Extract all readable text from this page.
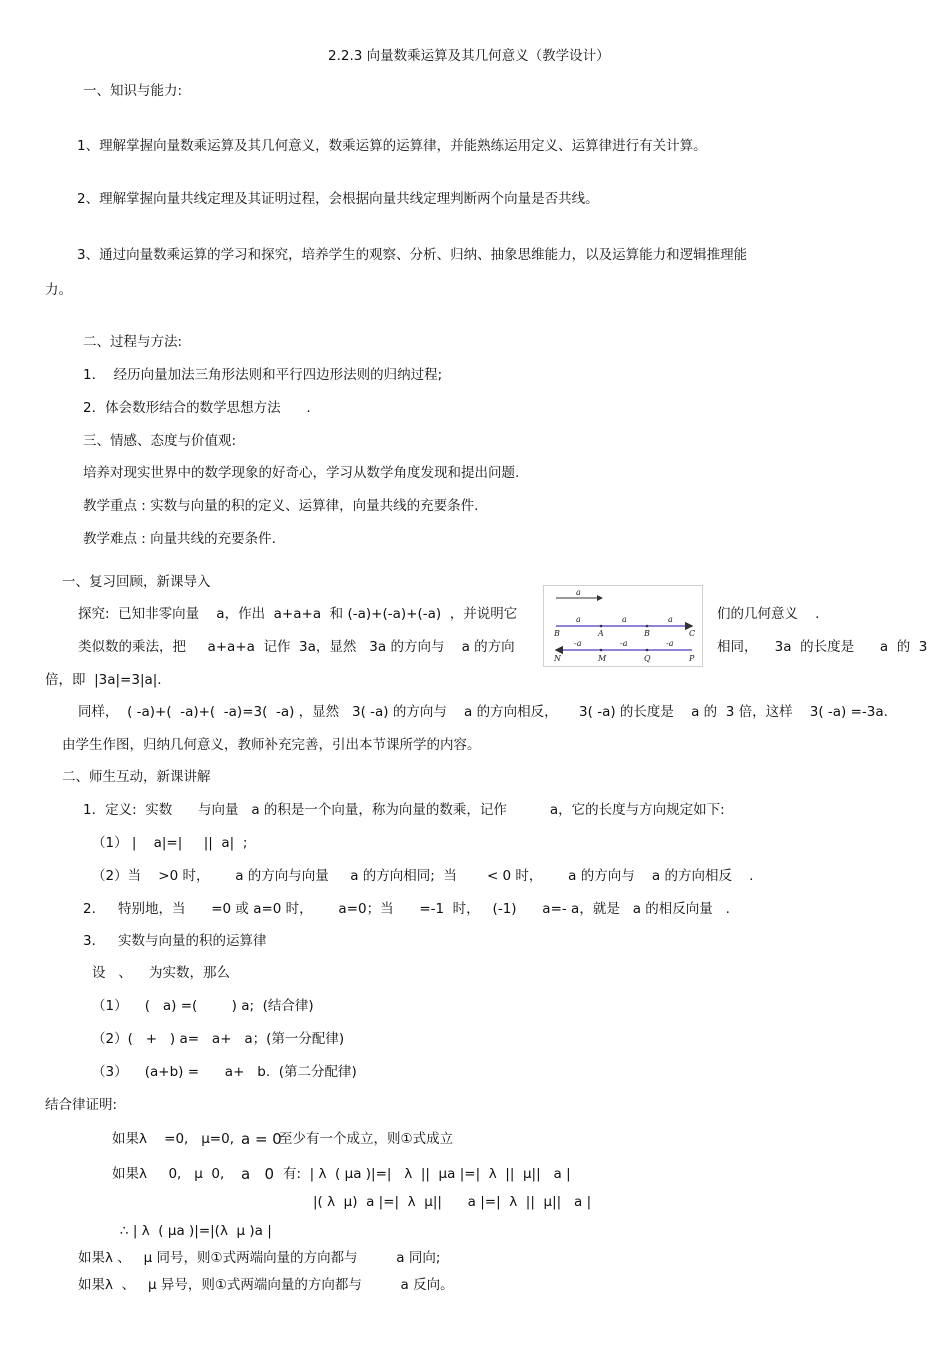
2.2.3 向量数乘运算及其几何意义（教学设计）
一、知识与能力:
1、理解掌握向量数乘运算及其几何意义，数乘运算的运算律，并能熟练运用定义、运算律进行有关计算。
2、理解掌握向量共线定理及其证明过程，会根据向量共线定理判断两个向量是否共线。
3、通过向量数乘运算的学习和探究，培养学生的观察、分析、归纳、抽象思维能力，以及运算能力和逻辑推理能
力。
二、过程与方法:
1．  经历向量加法三角形法则和平行四边形法则的归纳过程;
2．体会数形结合的数学思想方法      .
三、情感、态度与价值观:
培养对现实世界中的数学现象的好奇心，学习从数学角度发现和提出问题.
教学重点 : 实数与向量的积的定义、运算律，向量共线的充要条件.
教学难点 : 向量共线的充要条件.
一、复习回顾，新课导入
探究:  已知非零向量    a，作出  a+a+a  和 (-a)+(-a)+(-a)  ，并说明它	们的几何意义    .
类似数的乘法，把     a+a+a  记作  3a，显然   3a 的方向与    a 的方向	相同，    3a  的长度是      a  的  3
倍，即  |3a|=3|a|.
a
a	a	a
B	A	B	C
-a	-a	-a
N	M	Q	P
同样，  ( -a)+(  -a)+(  -a)=3(  -a) ，显然   3( -a) 的方向与    a 的方向相反，     3( -a) 的长度是    a 的  3 倍，这样    3( -a) =-3a.
由学生作图，归纳几何意义，教师补充完善，引出本节课所学的内容。
二、师生互动，新课讲解
1．定义:  实数      与向量   a 的积是一个向量，称为向量的数乘，记作          a，它的长度与方向规定如下:
（1） |    a|=|     ||  a|  ;
（2）当    >0 时，      a 的方向与向量     a 的方向相同;  当       < 0 时，      a 的方向与    a 的方向相反    .
2．   特别地，当      =0 或 a=0 时，      a=0；当      =-1  时，   (-1)      a=- a，就是   a 的相反向量   .
3．   实数与向量的积的运算律
设   、    为实数，那么
（1）    (   a) =(        ) a;  (结合律)
（2）(   +   ) a=   a+   a；(第一分配律)
（3）    (a+b) =      a+   b.  (第二分配律)
结合律证明:
如果λ    =0,   μ=0, a = 0
至少有一个成立，则①式成立
如果λ     0,   μ  0, a   0 有:  | λ  ( μa )|=|   λ  ||  μa |=|  λ  ||  μ||   a |
|( λ  μ)  a |=|  λ  μ||      a |=|  λ  ||  μ||   a |
∴ | λ  ( μa )|=|(λ  μ )a |
如果λ 、   μ 同号，则①式两端向量的方向都与         a 同向;
如果λ  、   μ 异号，则①式两端向量的方向都与         a 反向。
